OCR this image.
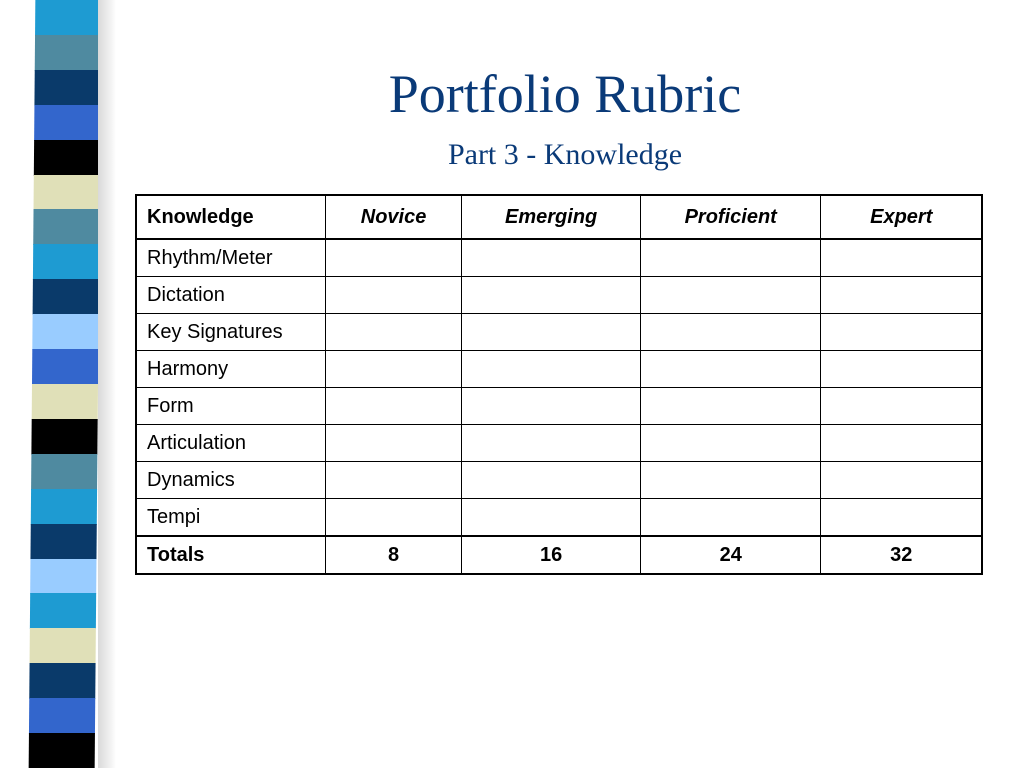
Portfolio Rubric
Part 3 - Knowledge
Knowledge	Novice	Emerging	Proficient	Expert
Rhythm/Meter				
Dictation				
Key Signatures				
Harmony				
Form				
Articulation				
Dynamics				
Tempi				
Totals	8	16	24	32
